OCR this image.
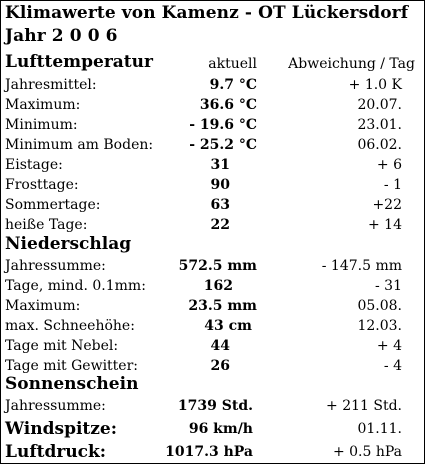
Klimawerte von Kamenz - OT Lückersdorf
Jahr 2 0 0 6
Lufttemperatur	aktuell Abweichung / Tag
Jahresmittel:	9.7 °C	+ 1.0 K
Maximum:	36.6 °C	20.07.
Minimum:	- 19.6 °C	23.01.
Minimum am Boden:	- 25.2 °C	06.02.
Eistage:	31	+ 6
Frosttage:	90	- 1
Sommertage:	63	+22
heiße Tage:	22	+ 14
Niederschlag
Jahressumme:	572.5 mm	- 147.5 mm
Tage, mind. 0.1mm:	162	- 31
Maximum:	23.5 mm	05.08.
max. Schneehöhe:	43 cm	12.03.
Tage mit Nebel:	44	+ 4
Tage mit Gewitter:	26	- 4
Sonnenschein
Jahressumme:	1739 Std.	+ 211 Std.
Windspitze:	96 km/h	01.11.
Luftdruck:	1017.3 hPa	+ 0.5 hPa
